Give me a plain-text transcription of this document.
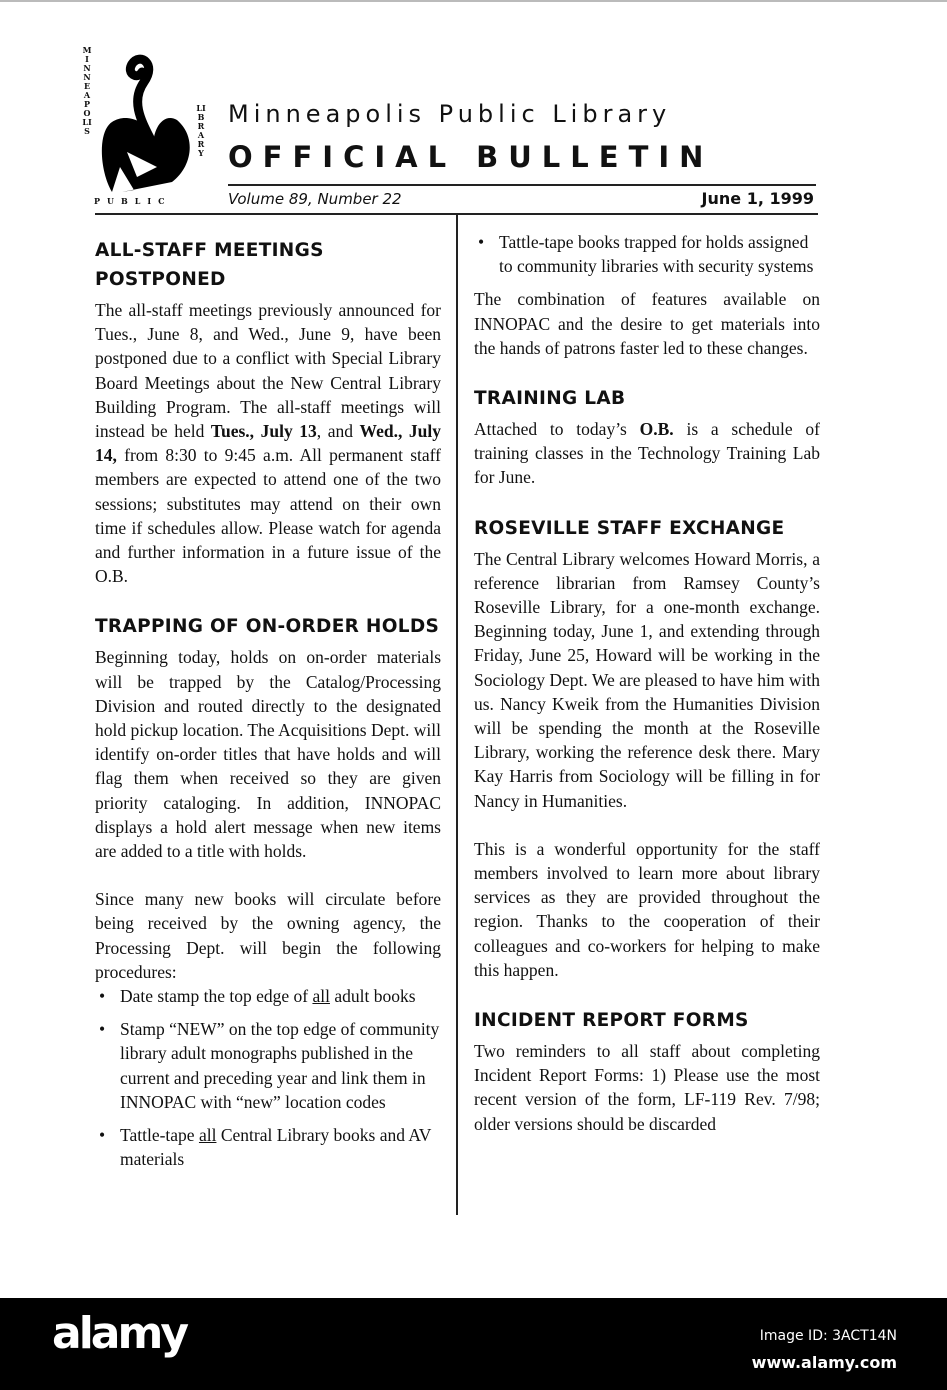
MINNEAPOLIS
LIBRARY
PUBLIC
Minneapolis Public Library
OFFICIAL BULLETIN
Volume 89, Number 22	June 1, 1999
ALL-STAFF MEETINGS POSTPONED

The all-staff meetings previously announced for Tues., June 8, and Wed., June 9, have been postponed due to a conflict with Special Library Board Meetings about the New Central Library Building Program. The all-staff meetings will instead be held Tues., July 13, and Wed., July 14, from 8:30 to 9:45 a.m. All permanent staff members are expected to attend one of the two sessions; substitutes may attend on their own time if schedules allow. Please watch for agenda and further information in a future issue of the O.B.

TRAPPING OF ON-ORDER HOLDS

Beginning today, holds on on-order materials will be trapped by the Catalog/Processing Division and routed directly to the designated hold pickup location. The Acquisitions Dept. will identify on-order titles that have holds and will flag them when received so they are given priority cataloging. In addition, INNOPAC displays a hold alert message when new items are added to a title with holds.

Since many new books will circulate before being received by the owning agency, the Processing Dept. will begin the following procedures:

• Date stamp the top edge of all adult books
• Stamp “NEW” on the top edge of community library adult monographs published in the current and preceding year and link them in INNOPAC with “new” location codes
• Tattle-tape all Central Library books and AV materials
• Tattle-tape books trapped for holds assigned to community libraries with security systems

The combination of features available on INNOPAC and the desire to get materials into the hands of patrons faster led to these changes.

TRAINING LAB

Attached to today’s O.B. is a schedule of training classes in the Technology Training Lab for June.

ROSEVILLE STAFF EXCHANGE

The Central Library welcomes Howard Morris, a reference librarian from Ramsey County’s Roseville Library, for a one-month exchange. Beginning today, June 1, and extending through Friday, June 25, Howard will be working in the Sociology Dept. We are pleased to have him with us. Nancy Kweik from the Humanities Division will be spending the month at the Roseville Library, working the reference desk there. Mary Kay Harris from Sociology will be filling in for Nancy in Humanities.

This is a wonderful opportunity for the staff members involved to learn more about library services as they are provided throughout the region. Thanks to the cooperation of their colleagues and co-workers for helping to make this happen.

INCIDENT REPORT FORMS

Two reminders to all staff about completing Incident Report Forms: 1) Please use the most recent version of the form, LF-119 Rev. 7/98; older versions should be discarded

alamy	Image ID: 3ACT14N
www.alamy.com
